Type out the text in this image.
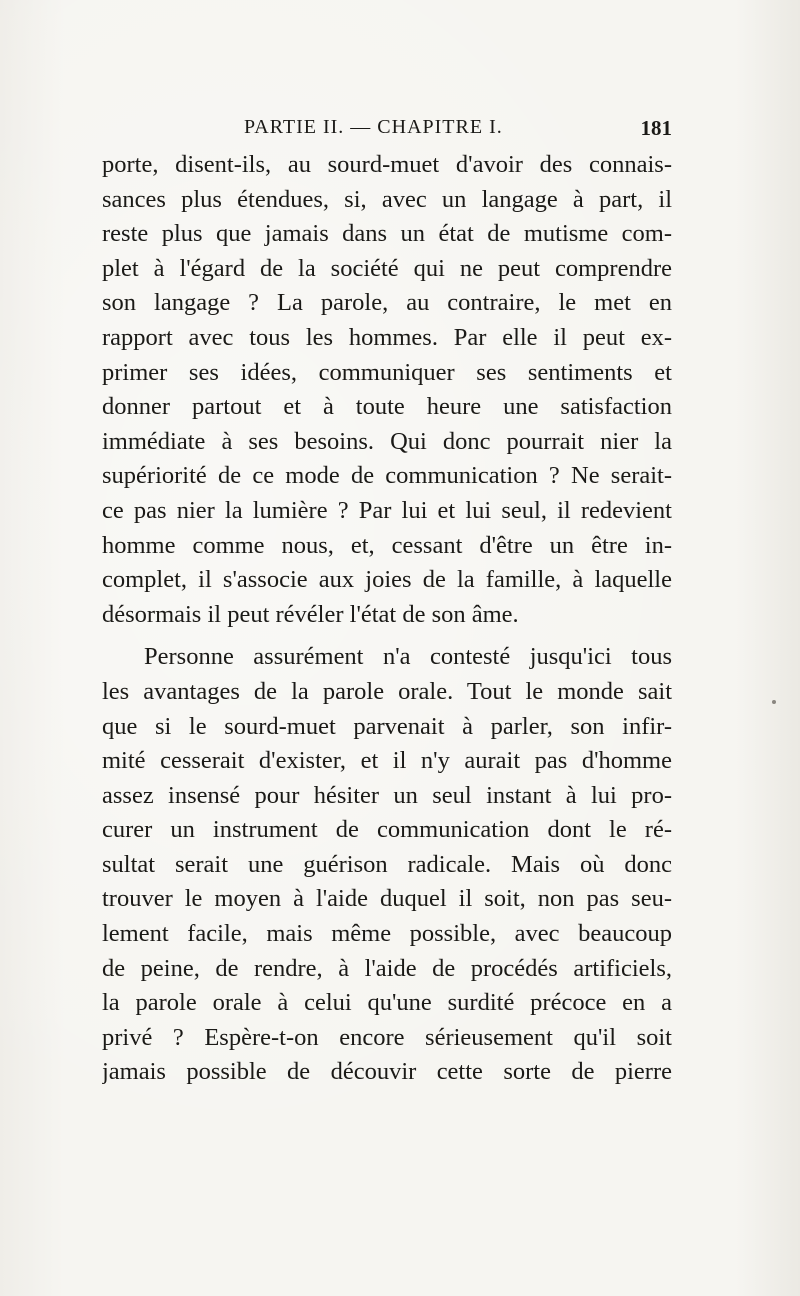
PARTIE II. — CHAPITRE I.	181
porte, disent-ils, au sourd-muet d'avoir des connais-
sances plus étendues, si, avec un langage à part, il
reste plus que jamais dans un état de mutisme com-
plet à l'égard de la société qui ne peut comprendre
son langage ? La parole, au contraire, le met en
rapport avec tous les hommes. Par elle il peut ex-
primer ses idées, communiquer ses sentiments et
donner partout et à toute heure une satisfaction
immédiate à ses besoins. Qui donc pourrait nier la
supériorité de ce mode de communication ? Ne serait-
ce pas nier la lumière ? Par lui et lui seul, il redevient
homme comme nous, et, cessant d'être un être in-
complet, il s'associe aux joies de la famille, à laquelle
désormais il peut révéler l'état de son âme.
Personne assurément n'a contesté jusqu'ici tous
les avantages de la parole orale. Tout le monde sait
que si le sourd-muet parvenait à parler, son infir-
mité cesserait d'exister, et il n'y aurait pas d'homme
assez insensé pour hésiter un seul instant à lui pro-
curer un instrument de communication dont le ré-
sultat serait une guérison radicale. Mais où donc
trouver le moyen à l'aide duquel il soit, non pas seu-
lement facile, mais même possible, avec beaucoup
de peine, de rendre, à l'aide de procédés artificiels,
la parole orale à celui qu'une surdité précoce en a
privé ? Espère-t-on encore sérieusement qu'il soit
jamais possible de découvir cette sorte de pierre
